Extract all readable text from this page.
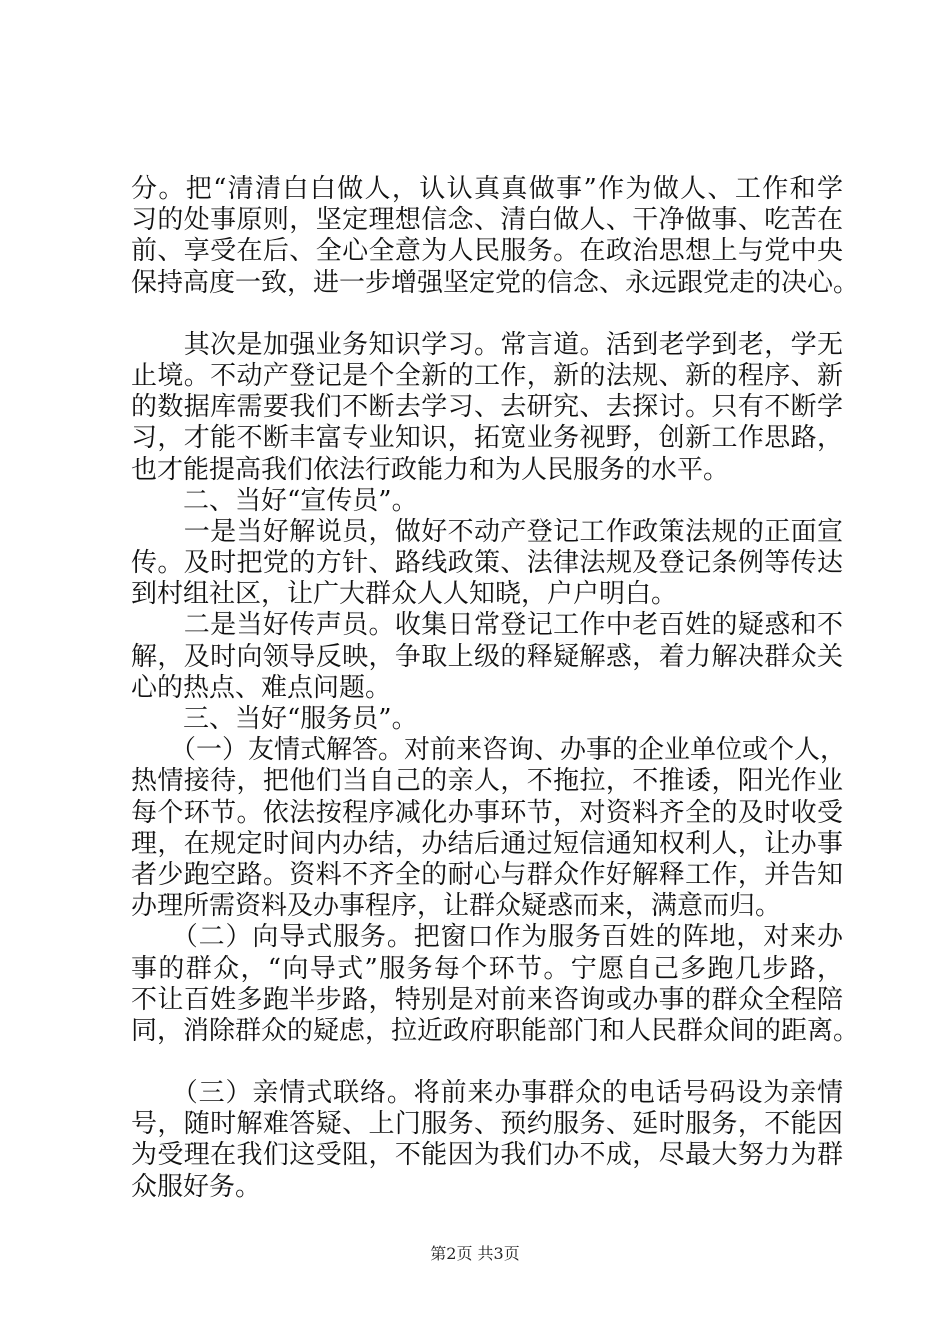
分。把“清清白白做人，认认真真做事”作为做人、工作和学
习的处事原则，坚定理想信念、清白做人、干净做事、吃苦在
前、享受在后、全心全意为人民服务。在政治思想上与党中央
保持高度一致，进一步增强坚定党的信念、永远跟党走的决心。
　　其次是加强业务知识学习。常言道。活到老学到老，学无
止境。不动产登记是个全新的工作，新的法规、新的程序、新
的数据库需要我们不断去学习、去研究、去探讨。只有不断学
习，才能不断丰富专业知识，拓宽业务视野，创新工作思路，
也才能提高我们依法行政能力和为人民服务的水平。
　　二、当好“宣传员”。
　　一是当好解说员，做好不动产登记工作政策法规的正面宣
传。及时把党的方针、路线政策、法律法规及登记条例等传达
到村组社区，让广大群众人人知晓，户户明白。
　　二是当好传声员。收集日常登记工作中老百姓的疑惑和不
解，及时向领导反映，争取上级的释疑解惑，着力解决群众关
心的热点、难点问题。
　　三、当好“服务员”。
　　（一）友情式解答。对前来咨询、办事的企业单位或个人，
热情接待，把他们当自己的亲人，不拖拉，不推诿，阳光作业
每个环节。依法按程序减化办事环节，对资料齐全的及时收受
理，在规定时间内办结，办结后通过短信通知权利人，让办事
者少跑空路。资料不齐全的耐心与群众作好解释工作，并告知
办理所需资料及办事程序，让群众疑惑而来，满意而归。
　　（二）向导式服务。把窗口作为服务百姓的阵地，对来办
事的群众，“向导式”服务每个环节。宁愿自己多跑几步路，
不让百姓多跑半步路，特别是对前来咨询或办事的群众全程陪
同，消除群众的疑虑，拉近政府职能部门和人民群众间的距离。
　　（三）亲情式联络。将前来办事群众的电话号码设为亲情
号，随时解难答疑、上门服务、预约服务、延时服务，不能因
为受理在我们这受阻，不能因为我们办不成，尽最大努力为群
众服好务。
第2页 共3页
